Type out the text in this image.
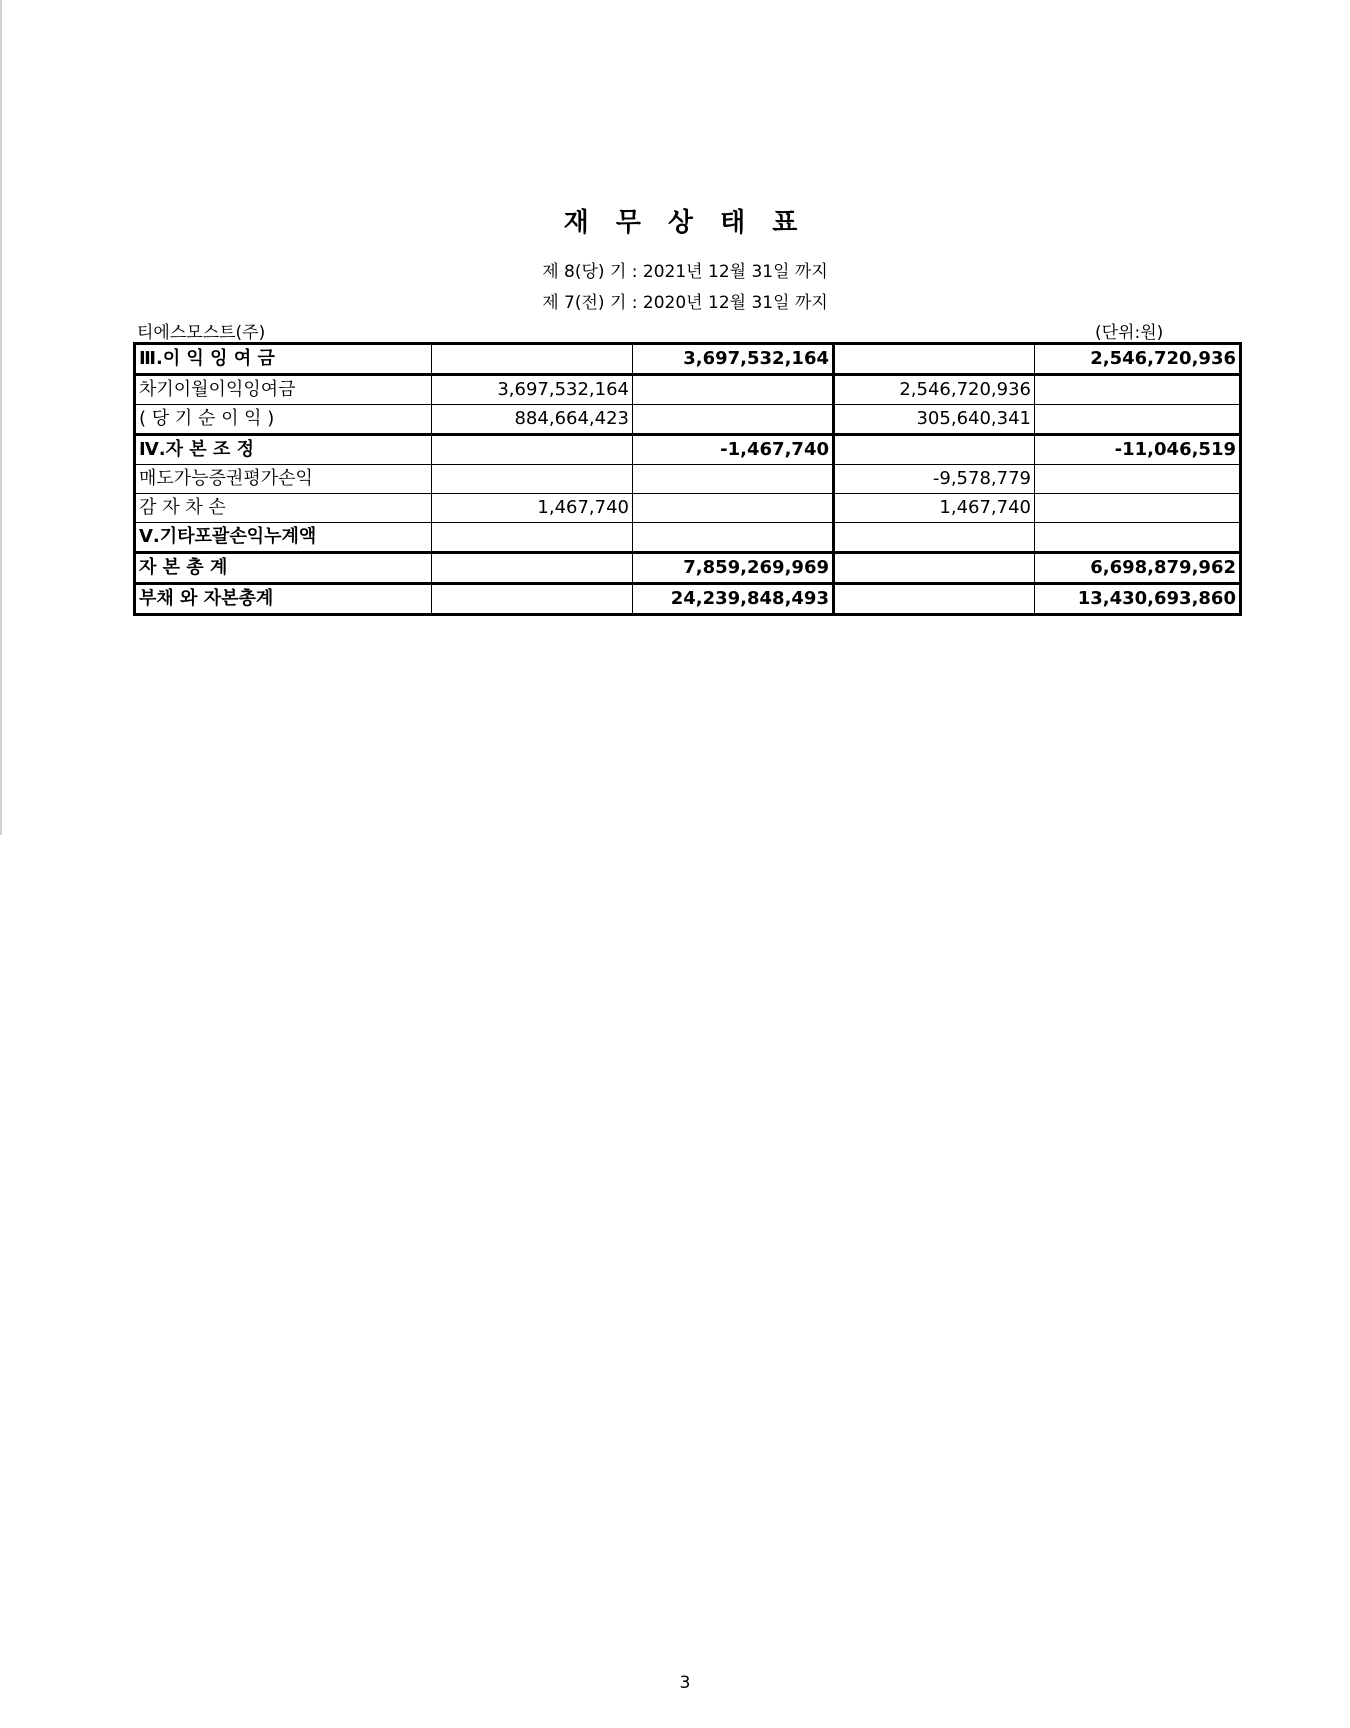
재 무 상 태 표
제 8(당) 기 : 2021년 12월 31일 까지
제 7(전) 기 : 2020년 12월 31일 까지
티에스모스트(주)	(단위:원)
Ⅲ.이 익 잉 여 금		3,697,532,164		2,546,720,936
차기이월이익잉여금	3,697,532,164		2,546,720,936	
( 당 기 순 이 익 )	884,664,423		305,640,341	
Ⅳ.자 본 조 정		-1,467,740		-11,046,519
매도가능증권평가손익			-9,578,779	
감 자 차 손	1,467,740		1,467,740	
Ⅴ.기타포괄손익누계액				
자 본 총 계		7,859,269,969		6,698,879,962
부채 와 자본총계		24,239,848,493		13,430,693,860
3
